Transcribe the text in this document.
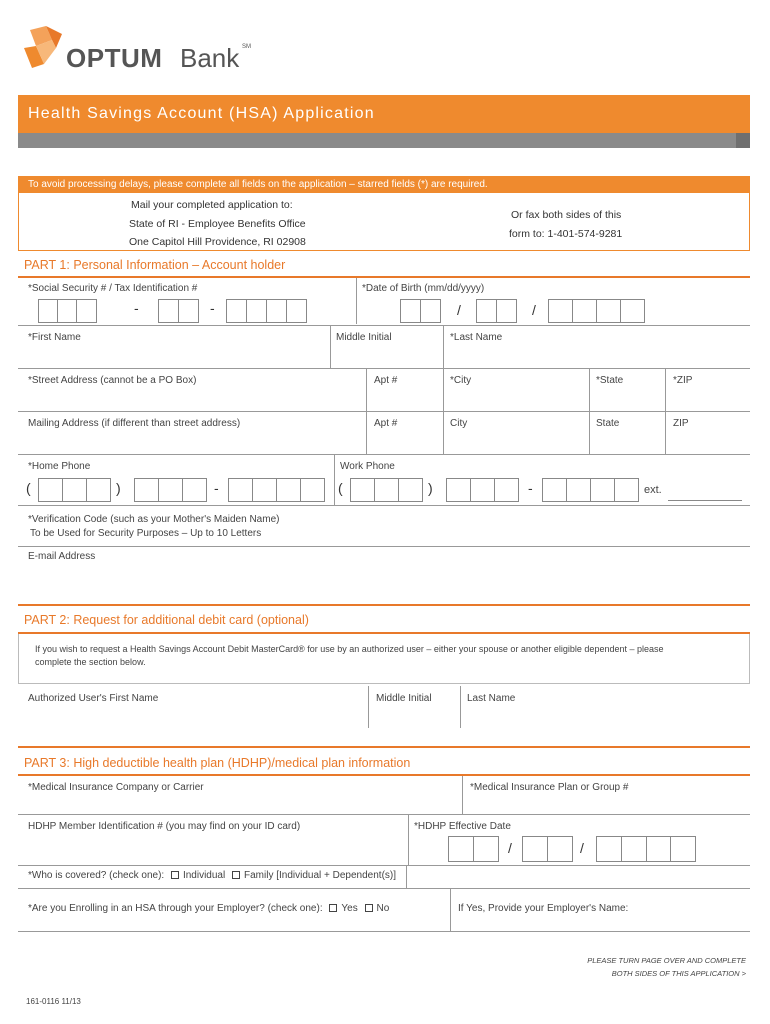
OPTUM Bank SM
Health Savings Account (HSA) Application
To avoid processing delays, please complete all fields on the application – starred fields (*) are required.
Mail your completed application to:
State of RI - Employee Benefits Office
One Capitol Hill Providence, RI 02908
Or fax both sides of this
form to: 1-401-574-9281
PART 1: Personal Information – Account holder
*Social Security # / Tax Identification #	*Date of Birth (mm/dd/yyyy)
-	-	/	/
*First Name	Middle Initial	*Last Name
*Street Address (cannot be a PO Box)	Apt #	*City	*State	*ZIP
Mailing Address (if different than street address)	Apt #	City	State	ZIP
*Home Phone	Work Phone
(	)	-	(	)	-	ext.
*Verification Code (such as your Mother's Maiden Name)
To be Used for Security Purposes – Up to 10 Letters
E-mail Address
PART 2: Request for additional debit card (optional)
If you wish to request a Health Savings Account Debit MasterCard® for use by an authorized user – either your spouse or another eligible dependent – please
complete the section below.
Authorized User's First Name	Middle Initial	Last Name
PART 3: High deductible health plan (HDHP)/medical plan information
*Medical Insurance Company or Carrier	*Medical Insurance Plan or Group #
HDHP Member Identification # (you may find on your ID card)	*HDHP Effective Date
/	/
*Who is covered? (check one): Individual Family [Individual + Dependent(s)]
*Are you Enrolling in an HSA through your Employer? (check one): Yes No	If Yes, Provide your Employer's Name:
PLEASE TURN PAGE OVER AND COMPLETE
BOTH SIDES OF THIS APPLICATION >
161-0116 11/13
